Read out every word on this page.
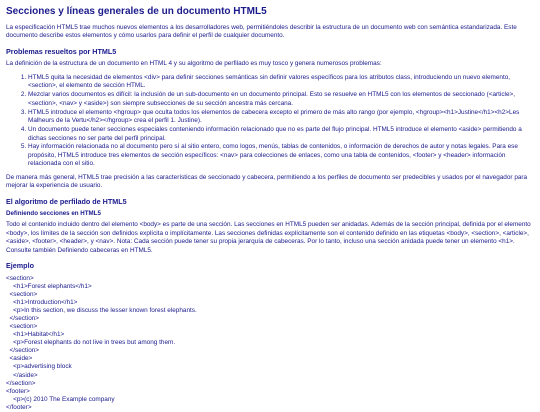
Secciones y líneas generales de un documento HTML5

La especificación HTML5 trae muchos nuevos elementos a los desarrolladores web, permitiéndoles describir la estructura de un documento web con semántica estandarizada. Este documento describe estos elementos y cómo usarlos para definir el perfil de cualquier documento.

Problemas resueltos por HTML5

La definición de la estructura de un documento en HTML 4 y su algoritmo de perfilado es muy tosco y genera numerosos problemas:

1. HTML5 quita la necesidad de elementos <div> para definir secciones semánticas sin definir valores específicos para los atributos class, introduciendo un nuevo elemento, <section>, el elemento de sección HTML.
2. Mezclar varios documentos es difícil: la inclusión de un sub-documento en un documento principal. Esto se resuelve en HTML5 con los elementos de seccionado (<article>, <section>, <nav> y <aside>) son siempre subsecciones de su sección ancestra más cercana.
3. HTML5 introduce el elemento <hgroup> que oculta todos los elementos de cabecera excepto el primero de más alto rango (por ejemplo, <hgroup><h1>Justine</h1><h2>Les Malheurs de la Vertu</h2></hgroup> crea el perfil 1. Justine).
4. Un documento puede tener secciones especiales conteniendo información relacionado que no es parte del flujo principal. HTML5 introduce el elemento <aside> permitiendo a dichas secciones no ser parte del perfil principal.
5. Hay información relacionada no al documento pero sí al sitio entero, como logos, menús, tablas de contenidos, o información de derechos de autor y notas legales. Para ese propósito, HTML5 introduce tres elementos de sección específicos: <nav> para colecciones de enlaces, como una tabla de contenidos, <footer> y <header> información relacionada con el sitio.

De manera más general, HTML5 trae precisión a las características de seccionado y cabecera, permitiendo a los perfiles de documento ser predecibles y usados por el navegador para mejorar la experiencia de usuario.

El algoritmo de perfilado de HTML5
Definiendo secciones en HTML5

Todo el contenido incluido dentro del elemento <body> es parte de una sección. Las secciones en HTML5 pueden ser anidadas. Además de la sección principal, definida por el elemento <body>, los límites de la sección son definidos explícita o implícitamente. Las secciones definidas explícitamente son el contenido definido en las etiquetas <body>, <section>, <article>, <aside>, <footer>, <header>, y <nav>. Nota: Cada sección puede tener su propia jerarquía de cabeceras. Por lo tanto, incluso una sección anidada puede tener un elemento <h1>. Consulte también Definiendo cabeceras en HTML5.

Ejemplo
<section>
<h1>Forest elephants</h1>
<section>
<h1>Introduction</h1>
<p>In this section, we discuss the lesser known forest elephants.
</section>
<section>
<h1>Habitat</h1>
<p>Forest elephants do not live in trees but among them.
</section>
<aside>
<p>advertising block
</aside>
</section>
<footer>
<p>(c) 2010 The Example company
</footer>
